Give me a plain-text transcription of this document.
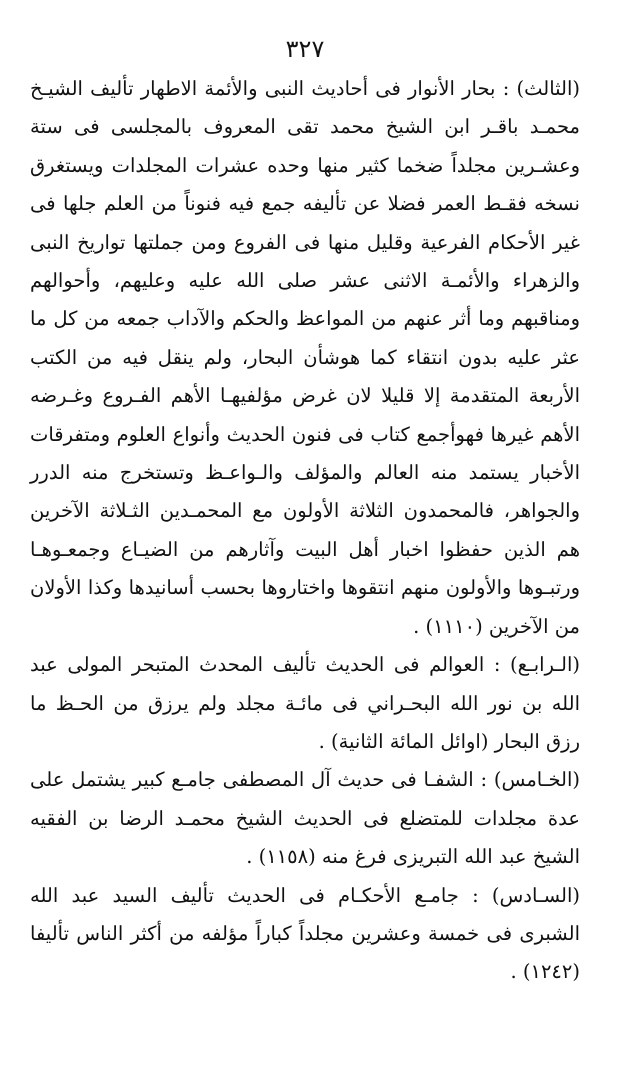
٣٢٧

(الثالث) : بحار الأنوار فى أحاديث النبى والأئمة الاطهار تأليف الشيـخ محمـد باقـر ابن الشيخ محمد تقى المعروف بالمجلسى فى ستة وعشـرين مجلداً ضخما كثير منها وحده عشرات المجلدات ويستغرق نسخه فقـط العمر فضلا عن تأليفه جمع فيه فنوناً من العلم جلها فى غير الأحكام الفرعية وقليل منها فى الفروع ومن جملتها تواريخ النبى والزهراء والأئمـة الاثنى عشر صلى الله عليه وعليهم، وأحوالهم ومناقبهم وما أثر عنهم من المواعظ والحكم والآداب جمعه من كل ما عثر عليه بدون انتقاء كما هوشأن البحار، ولم ينقل فيه من الكتب الأربعة المتقدمة إلا قليلا لان غرض مؤلفيهـا الأهم الفـروع وغـرضه الأهم غيرها فهوأجمع كتاب فى فنون الحديث وأنواع العلوم ومتفرقات الأخبار يستمد منه العالم والمؤلف والـواعـظ وتستخرج منه الدرر والجواهر، فالمحمدون الثلاثة الأولون مع المحمـدين الثـلاثة الآخرين هم الذين حفظوا اخبار أهل البيت وآثارهم من الضيـاع وجمعـوهـا ورتبـوها والأولون منهم انتقوها واختاروها بحسب أسانيدها وكذا الأولان من الآخرين (١١١٠) .

(الـرابـع) : العوالم فى الحديث تأليف المحدث المتبحر المولى عبد الله بن نور الله البحـراني فى مائـة مجلد ولم يرزق من الحـظ ما رزق البحار (اوائل المائة الثانية) .

(الخـامس) : الشفـا فى حديث آل المصطفى جامـع كبير يشتمل على عدة مجلدات للمتضلع فى الحديث الشيخ محمـد الرضا بن الفقيه الشيخ عبد الله التبريزى فرغ منه (١١٥٨) .

(السـادس) : جامـع الأحكـام فى الحديث تأليف السيد عبد الله الشبرى فى خمسة وعشرين مجلداً كباراً مؤلفه من أكثر الناس تأليفا (١٢٤٢) .
